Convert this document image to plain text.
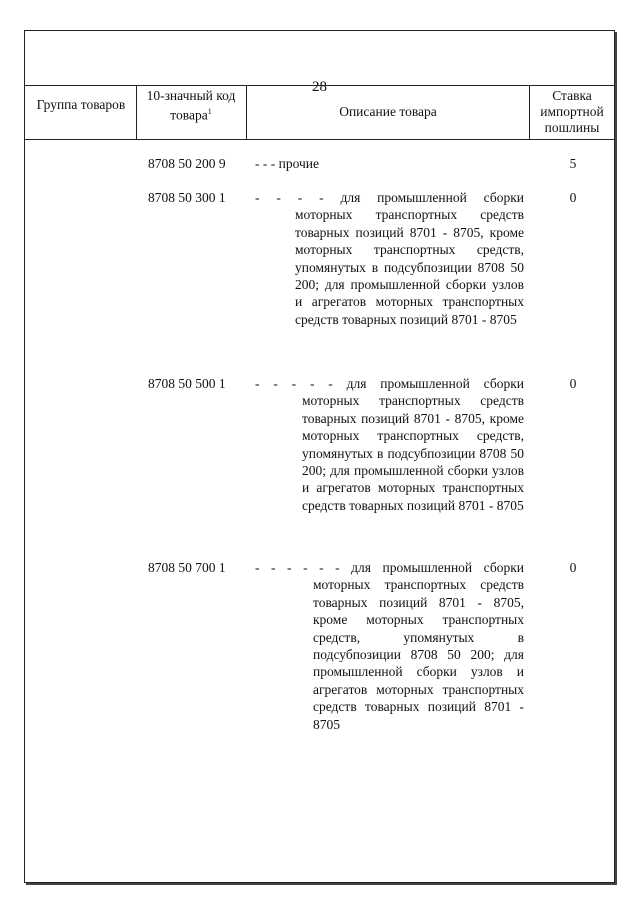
28
Группа товаров
10-значный код товара$^1$	Описание товара
Ставка импортной пошлины
8708 50 200 9 - - - прочие	5
8708 50 300 1 - - - - для промышленной сборки
моторных транспортных средств товарных позиций 8701 - 8705, кроме моторных транспортных средств, упомянутых в подсубпозиции 8708 50 200; для промышленной сборки узлов и агрегатов моторных транспортных средств товарных позиций 8701 - 8705
0
8708 50 500 1 - - - - - для промышленной сборки
моторных транспортных средств товарных позиций 8701 - 8705, кроме моторных транспортных средств, упомянутых в подсубпозиции 8708 50 200; для промышленной сборки узлов и агрегатов моторных транспортных средств товарных позиций 8701 - 8705
0
8708 50 700 1 - - - - - - для промышленной сборки
моторных транспортных средств товарных позиций 8701 - 8705, кроме моторных транспортных средств, упомянутых в подсубпозиции 8708 50 200; для промышленной сборки узлов и агрегатов моторных транспортных средств товарных позиций 8701 - 8705
0
